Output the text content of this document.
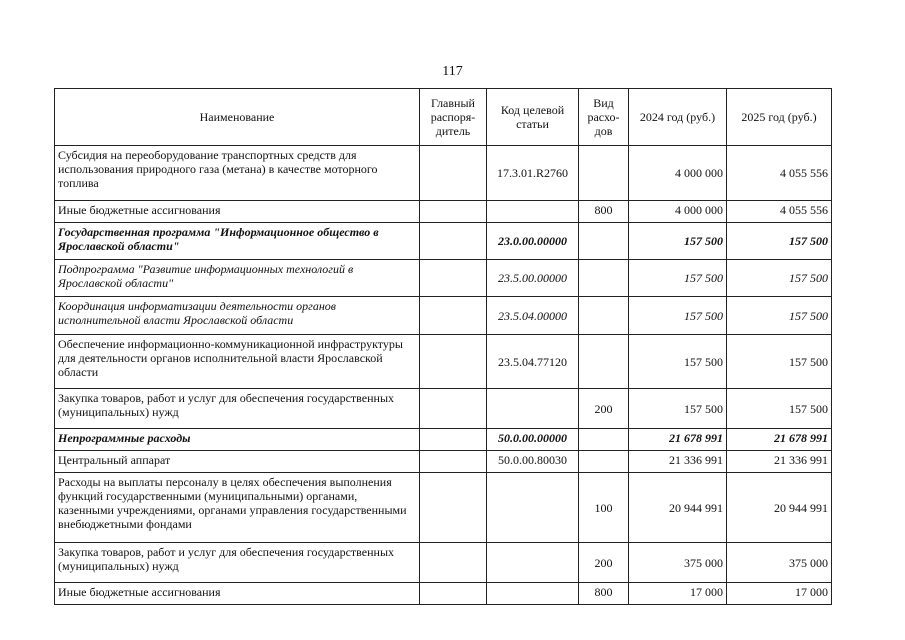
117
Наименование	Главный распоря-дитель	Код целевой статьи	Вид расхо-дов	2024 год (руб.)	2025 год (руб.)
Субсидия на переоборудование транспортных средств для использования природного газа (метана) в качестве моторного топлива		17.3.01.R2760		4 000 000	4 055 556
Иные бюджетные ассигнования			800	4 000 000	4 055 556
Государственная программа "Информационное общество в Ярославской области"		23.0.00.00000		157 500	157 500
Подпрограмма "Развитие информационных технологий в Ярославской области"		23.5.00.00000		157 500	157 500
Координация информатизации деятельности органов исполнительной власти Ярославской области		23.5.04.00000		157 500	157 500
Обеспечение информационно-коммуникационной инфраструктуры для деятельности органов исполнительной власти Ярославской области		23.5.04.77120		157 500	157 500
Закупка товаров, работ и услуг для обеспечения государственных (муниципальных) нужд			200	157 500	157 500
Непрограммные расходы		50.0.00.00000		21 678 991	21 678 991
Центральный аппарат		50.0.00.80030		21 336 991	21 336 991
Расходы на выплаты персоналу в целях обеспечения выполнения функций государственными (муниципальными) органами, казенными учреждениями, органами управления государственными внебюджетными фондами			100	20 944 991	20 944 991
Закупка товаров, работ и услуг для обеспечения государственных (муниципальных) нужд			200	375 000	375 000
Иные бюджетные ассигнования			800	17 000	17 000
